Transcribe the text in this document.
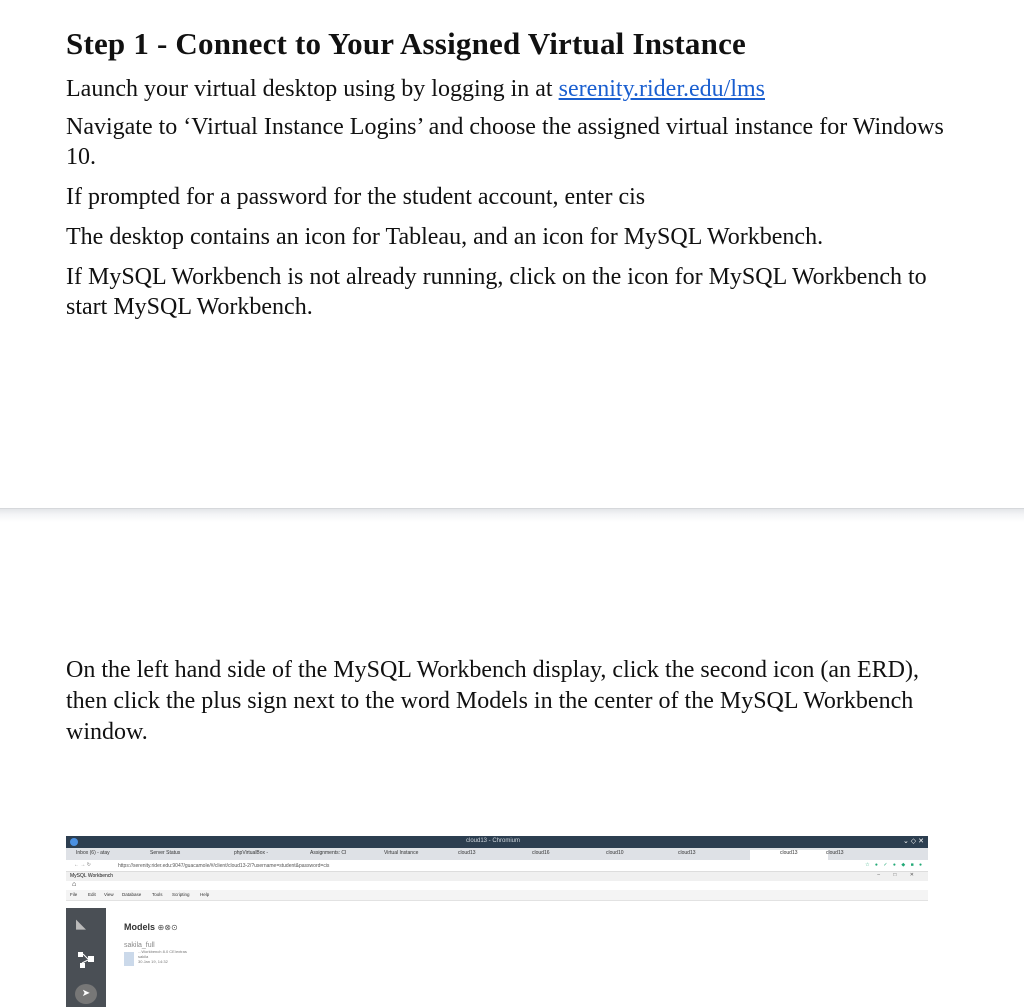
Step 1 - Connect to Your Assigned Virtual Instance
Launch your virtual desktop using by logging in at serenity.rider.edu/lms
Navigate to ‘Virtual Instance Logins’ and choose the assigned virtual instance for Windows 10.
If prompted for a password for the student account, enter cis
The desktop contains an icon for Tableau, and an icon for MySQL Workbench.
If MySQL Workbench is not already running, click on the icon for MySQL Workbench to start MySQL Workbench.
On the left hand side of the MySQL Workbench display, click the second icon (an ERD), then click the plus sign next to the word Models in the center of the MySQL Workbench window.
cloud13 - Chromium	⌄ ◇ ✕
Inbox (6) - atay	Server Status	phpVirtualBox -	Assignments: CI	Virtual Instance	cloud13	cloud16	cloud10	cloud13	cloud13	cloud13
← → ↻	https://serenity.rider.edu:9047/guacamole/#/client/cloud13-2/?username=student&password=cis	☆ ● ✓ ● ◆ ■ ●
MySQL Workbench	– □ ✕
⌂
File Edit View Database Tools Scripting Help
◣
➤
Models ⊕⊗⊙
sakila_full
...Workbench 8.0 CE/extras
sakila
30 Jan 19, 14:32
